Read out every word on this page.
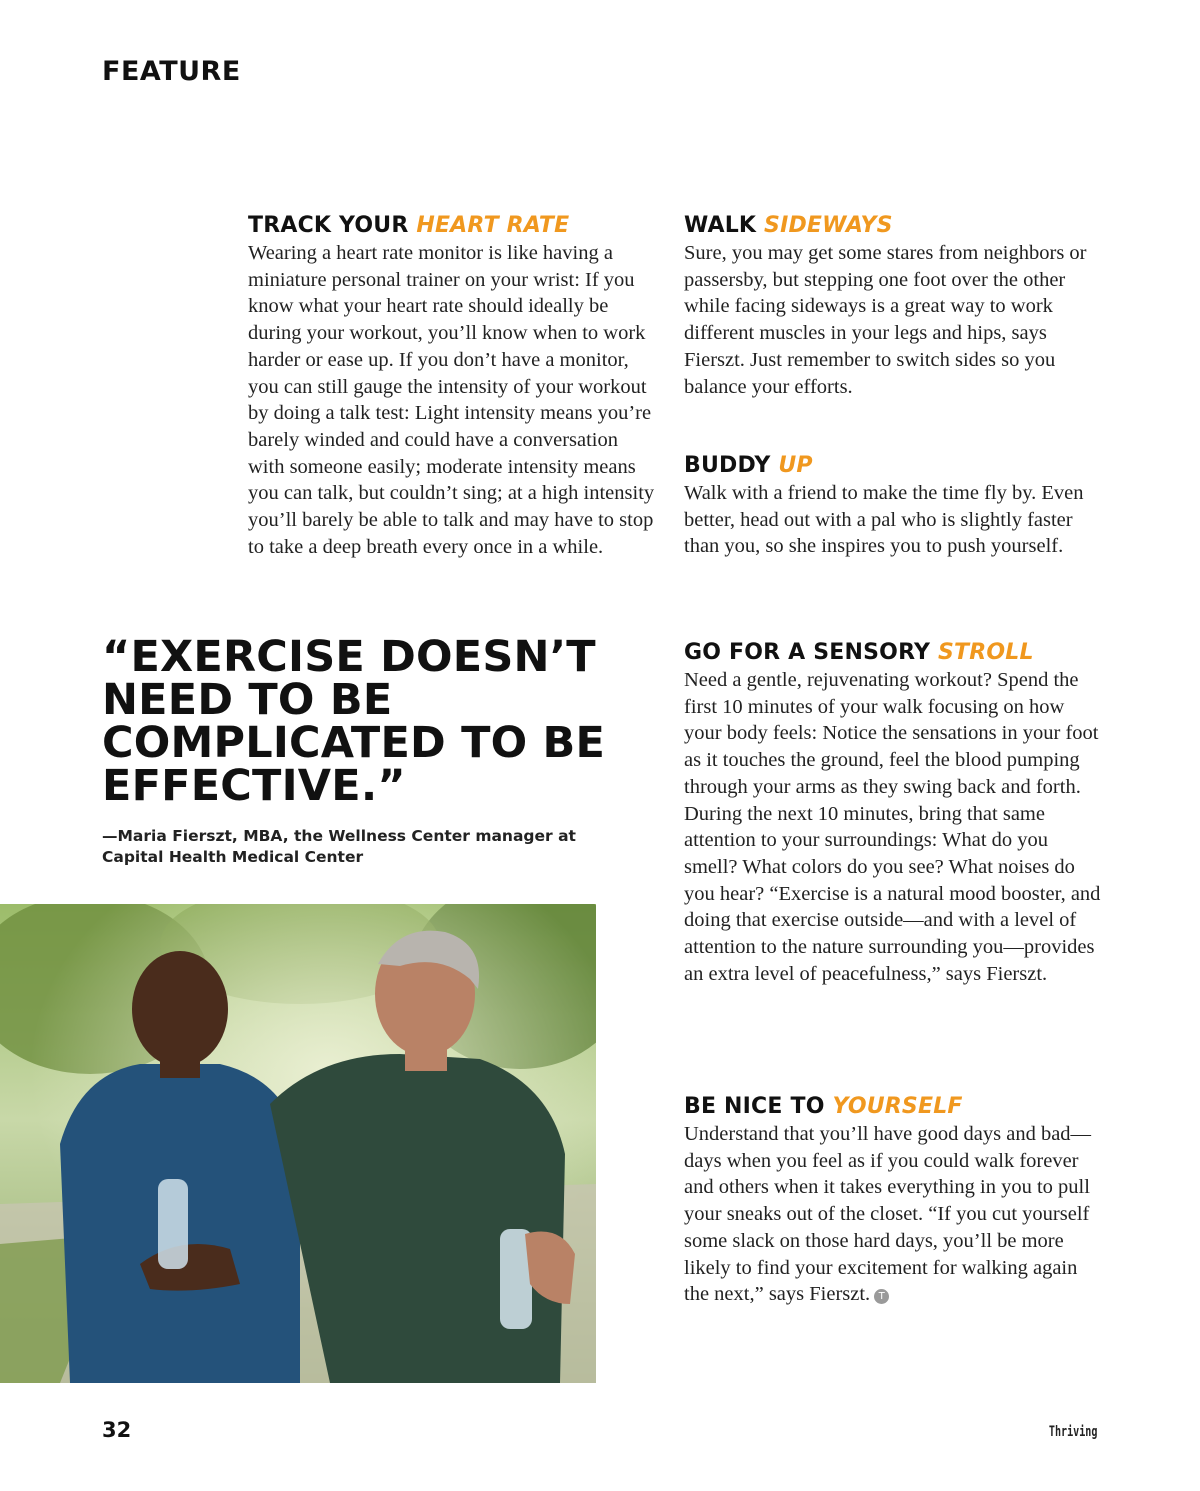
FEATURE
TRACK YOUR HEART RATE

Wearing a heart rate monitor is like having a miniature personal trainer on your wrist: If you know what your heart rate should ideally be during your workout, you’ll know when to work harder or ease up. If you don’t have a monitor, you can still gauge the intensity of your workout by doing a talk test: Light intensity means you’re barely winded and could have a conversation with someone easily; moderate intensity means you can talk, but couldn’t sing; at a high intensity you’ll barely be able to talk and may have to stop to take a deep breath every once in a while.

WALK SIDEWAYS

Sure, you may get some stares from neighbors or passersby, but stepping one foot over the other while facing sideways is a great way to work different muscles in your legs and hips, says Fierszt. Just remember to switch sides so you balance your efforts.

BUDDY UP

Walk with a friend to make the time fly by. Even better, head out with a pal who is slightly faster than you, so she inspires you to push yourself.

GO FOR A SENSORY STROLL

Need a gentle, rejuvenating workout? Spend the first 10 minutes of your walk focusing on how your body feels: Notice the sensations in your foot as it touches the ground, feel the blood pumping through your arms as they swing back and forth. During the next 10 minutes, bring that same attention to your surroundings: What do you smell? What colors do you see? What noises do you hear? “Exercise is a natural mood booster, and doing that exercise outside—and with a level of attention to the nature surrounding you—provides an extra level of peacefulness,” says Fierszt.

BE NICE TO YOURSELF

Understand that you’ll have good days and bad—days when you feel as if you could walk forever and others when it takes everything in you to pull your sneaks out of the closet. “If you cut yourself some slack on those hard days, you’ll be more likely to find your excitement for walking again the next,” says Fierszt. T

“EXERCISE DOESN’T NEED TO BE COMPLICATED TO BE EFFECTIVE.”
—Maria Fierszt, MBA, the Wellness Center manager at Capital Health Medical Center
32	Thriving
